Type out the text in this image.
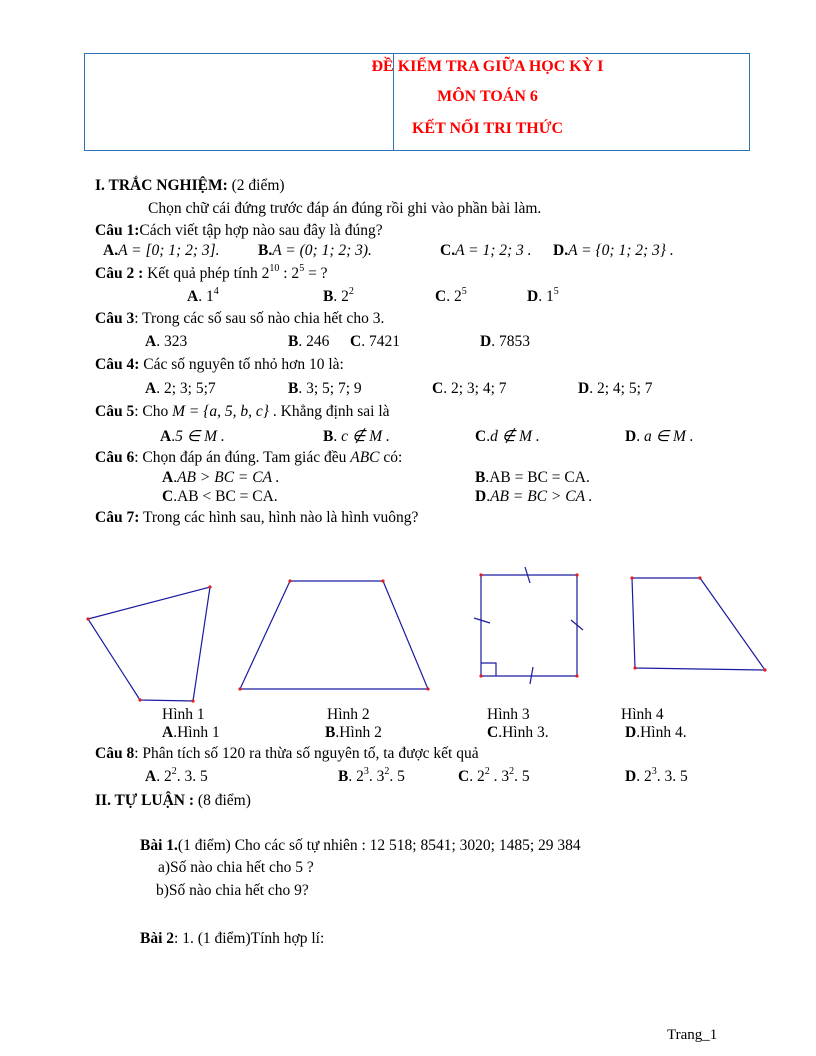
ĐỀ KIỂM TRA GIỮA HỌC KỲ I
MÔN TOÁN 6
KẾT NỐI TRI THỨC
I. TRẮC NGHIỆM: (2 điểm)
Chọn chữ cái đứng trước đáp án đúng rồi ghi vào phần bài làm.
Câu 1:Cách viết tập hợp nào sau đây là đúng?
A.A = [0; 1; 2; 3]. B.A = (0; 1; 2; 3).	C.A = 1; 2; 3 . D.A = {0; 1; 2; 3} .
Câu 2 : Kết quả phép tính $2^{10}$ : $2^5$ = ?
A. $1^4$	B. $2^2$	C. $2^5$	D. $1^5$
Câu 3: Trong các số sau số nào chia hết cho 3.
A. 323	B. 246 C. 7421	D. 7853
Câu 4: Các số nguyên tố nhỏ hơn 10 là:
A. 2; 3; 5;7	B. 3; 5; 7; 9	C. 2; 3; 4; 7	D. 2; 4; 5; 7
Câu 5: Cho M = {a, 5, b, c} . Khẳng định sai là
A.5 ∈ M .	B. c ∉ M .	C.d ∉ M .	D. a ∈ M .
Câu 6: Chọn đáp án đúng. Tam giác đều ABC có:
A.AB > BC = CA .	B.AB = BC = CA.
C.AB < BC = CA.	D.AB = BC > CA .
Câu 7: Trong các hình sau, hình nào là hình vuông?
Hình 1	Hình 2	Hình 3	Hình 4
A.Hình 1	B.Hình 2	C.Hình 3.	D.Hình 4.
Câu 8: Phân tích số 120 ra thừa số nguyên tố, ta được kết quả
A. $2^2$. 3. 5	B. $2^3$. $3^2$. 5	C. $2^2$ . $3^2$. 5	D. $2^3$. 3. 5
II. TỰ LUẬN : (8 điểm)
Bài 1.(1 điểm) Cho các số tự nhiên : 12 518; 8541; 3020; 1485; 29 384
a)Số nào chia hết cho 5 ?
b)Số nào chia hết cho 9?
Bài 2: 1. (1 điểm)Tính hợp lí:
Trang_1
